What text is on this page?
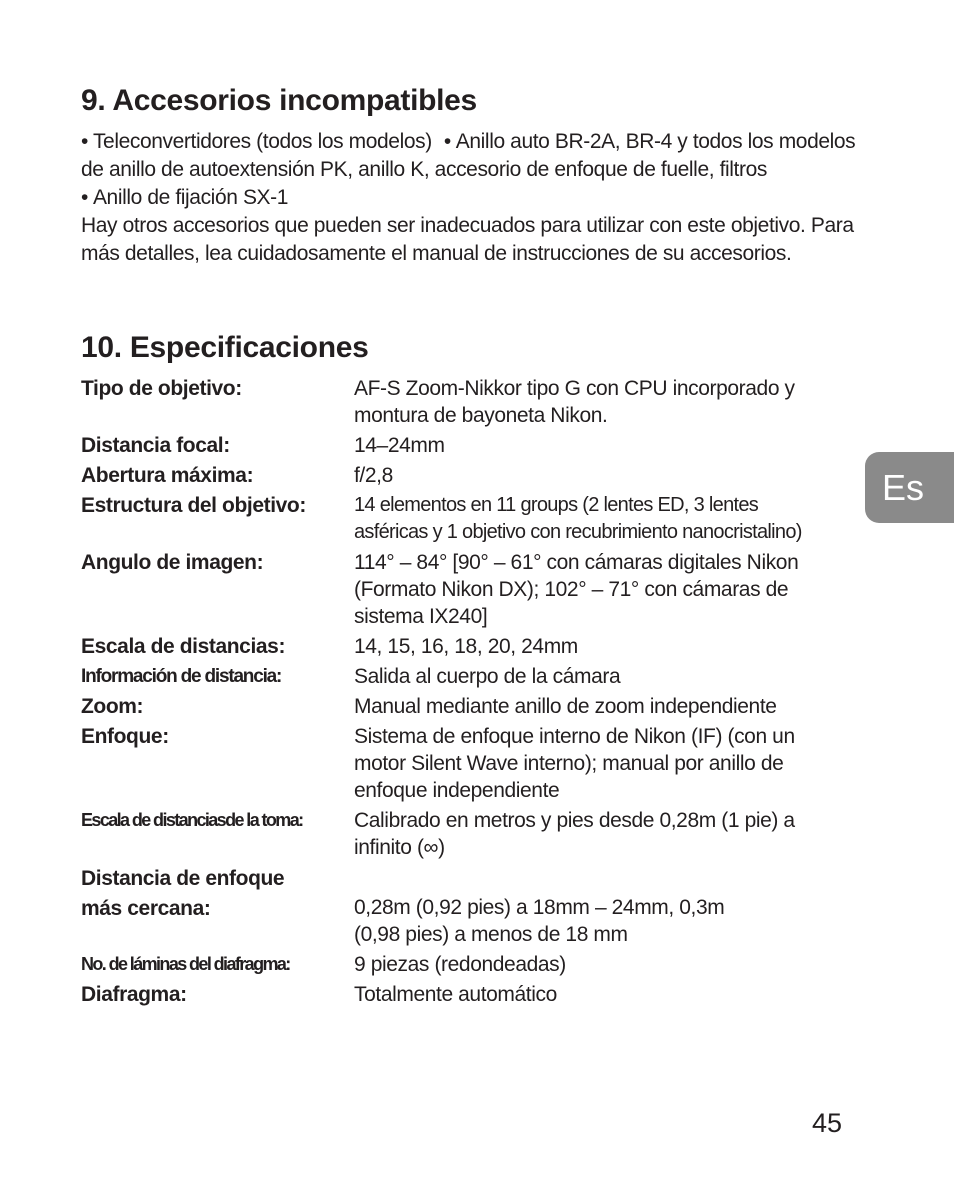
9. Accesorios incompatibles

• Teleconvertidores (todos los modelos) • Anillo auto BR-2A, BR-4 y todos los modelos de anillo de autoextensión PK, anillo K, accesorio de enfoque de fuelle, filtros

• Anillo de fijación SX-1

Hay otros accesorios que pueden ser inadecuados para utilizar con este objetivo. Para más detalles, lea cuidadosamente el manual de instrucciones de su accesorios.

10. Especificaciones
Tipo de objetivo:	AF-S Zoom-Nikkor tipo G con CPU incorporado y
montura de bayoneta Nikon.
Distancia focal:	14–24mm
Abertura máxima:	f/2,8
Estructura del objetivo:	14 elementos en 11 groups (2 lentes ED, 3 lentes
asféricas y 1 objetivo con recubrimiento nanocristalino)
Angulo de imagen:	114° – 84° [90° – 61° con cámaras digitales Nikon
(Formato Nikon DX); 102° – 71° con cámaras de
sistema IX240]
Escala de distancias:	14, 15, 16, 18, 20, 24mm
Información de distancia:	Salida al cuerpo de la cámara
Zoom:	Manual mediante anillo de zoom independiente
Enfoque:	Sistema de enfoque interno de Nikon (IF) (con un
motor Silent Wave interno); manual por anillo de
enfoque independiente
Escala de distanciasde la toma:	Calibrado en metros y pies desde 0,28m (1 pie) a
infinito (∞)
Distancia de enfoque
más cercana:	0,28m (0,92 pies) a 18mm – 24mm, 0,3m
(0,98 pies) a menos de 18 mm
No. de láminas del diafragma:	9 piezas (redondeadas)
Diafragma:	Totalmente automático
Es
45
